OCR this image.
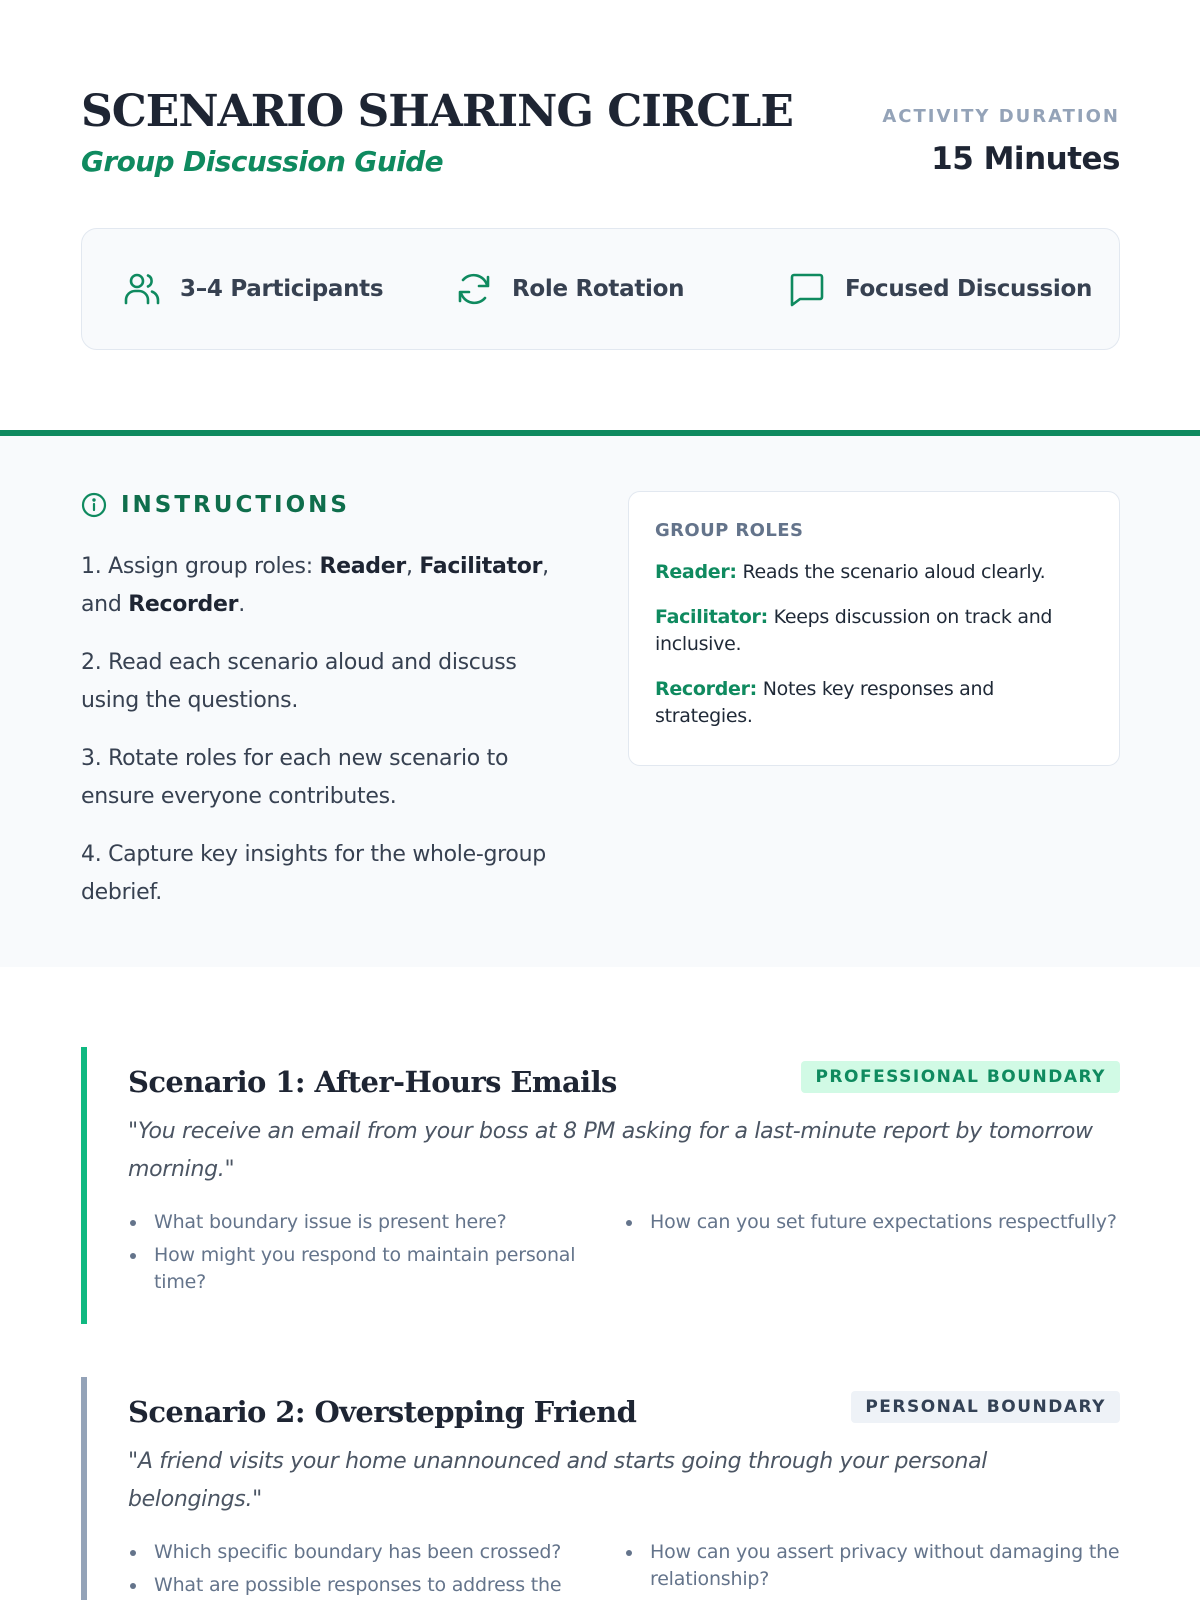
SCENARIO SHARING CIRCLE
Group Discussion Guide
ACTIVITY DURATION
15 Minutes
3–4 Participants	Role Rotation	Focused Discussion
INSTRUCTIONS
1. Assign group roles: Reader, Facilitator, and Recorder.
2. Read each scenario aloud and discuss using the questions.
3. Rotate roles for each new scenario to ensure everyone contributes.
4. Capture key insights for the whole-group debrief.
GROUP ROLES
Reader: Reads the scenario aloud clearly.
Facilitator: Keeps discussion on track and inclusive.
Recorder: Notes key responses and strategies.
PROFESSIONAL BOUNDARY
Scenario 1: After-Hours Emails
"You receive an email from your boss at 8 PM asking for a last-minute report by tomorrow morning."
What boundary issue is present here?
How might you respond to maintain personal time?
How can you set future expectations respectfully?
PERSONAL BOUNDARY
Scenario 2: Overstepping Friend
"A friend visits your home unannounced and starts going through your personal belongings."
Which specific boundary has been crossed?
What are possible responses to address the
How can you assert privacy without damaging the relationship?
